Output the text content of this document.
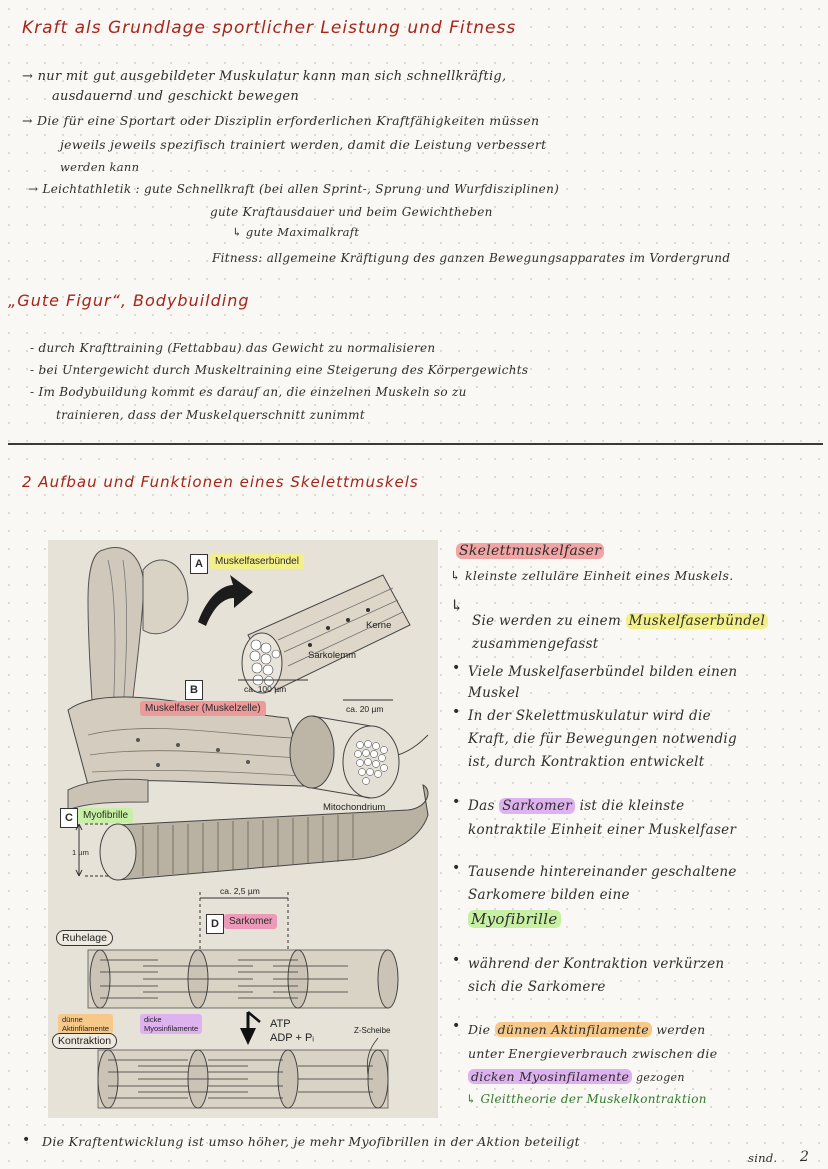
Kraft als Grundlage sportlicher Leistung und Fitness
→ nur mit gut ausgebildeter Muskulatur kann man sich schnellkräftig,
ausdauernd und geschickt bewegen
→ Die für eine Sportart oder Disziplin erforderlichen Kraftfähigkeiten müssen
jeweils jeweils spezifisch trainiert werden, damit die Leistung verbessert
werden kann
→ Leichtathletik : gute Schnellkraft (bei allen Sprint-, Sprung und Wurfdisziplinen)
gute Kraftausdauer und beim Gewichtheben
↳ gute Maximalkraft
Fitness: allgemeine Kräftigung des ganzen Bewegungsapparates im Vordergrund
„Gute Figur“, Bodybuilding
- durch Krafttraining (Fettabbau) das Gewicht zu normalisieren
- bei Untergewicht durch Muskeltraining eine Steigerung des Körpergewichts
- Im Bodybuildung kommt es darauf an, die einzelnen Muskeln so zu
trainieren, dass der Muskelquerschnitt zunimmt
2 Aufbau und Funktionen eines Skelettmuskels
A	Muskelfaserbündel
B
Muskelfaser (Muskelzelle)
C	Myofibrille
D	Sarkomer
Kerne
Sarkolemm
ca. 100 µm
ca. 20 µm
Mitochondrium
1 µm
ca. 2,5 µm
Ruhelage
dünne
Aktinfilamente
dicke
Myosinfilamente
Kontraktion
ATP
ADP + Pᵢ
Z-Scheibe
Skelettmuskelfaser
↳ kleinste zelluläre Einheit eines Muskels.
↳
Sie werden zu einem Muskelfaserbündel
zusammengefasst
• Viele Muskelfaserbündel bilden einen
Muskel
• In der Skelettmuskulatur wird die
Kraft, die für Bewegungen notwendig
ist, durch Kontraktion entwickelt
• Das Sarkomer ist die kleinste
kontraktile Einheit einer Muskelfaser
• Tausende hintereinander geschaltene
Sarkomere bilden eine
Myofibrille
• während der Kontraktion verkürzen
sich die Sarkomere
• Die dünnen Aktinfilamente werden
unter Energieverbrauch zwischen die
dicken Myosinfilamente gezogen
↳ Gleittheorie der Muskelkontraktion
• Die Kraftentwicklung ist umso höher, je mehr Myofibrillen in der Aktion beteiligt
sind. 2
